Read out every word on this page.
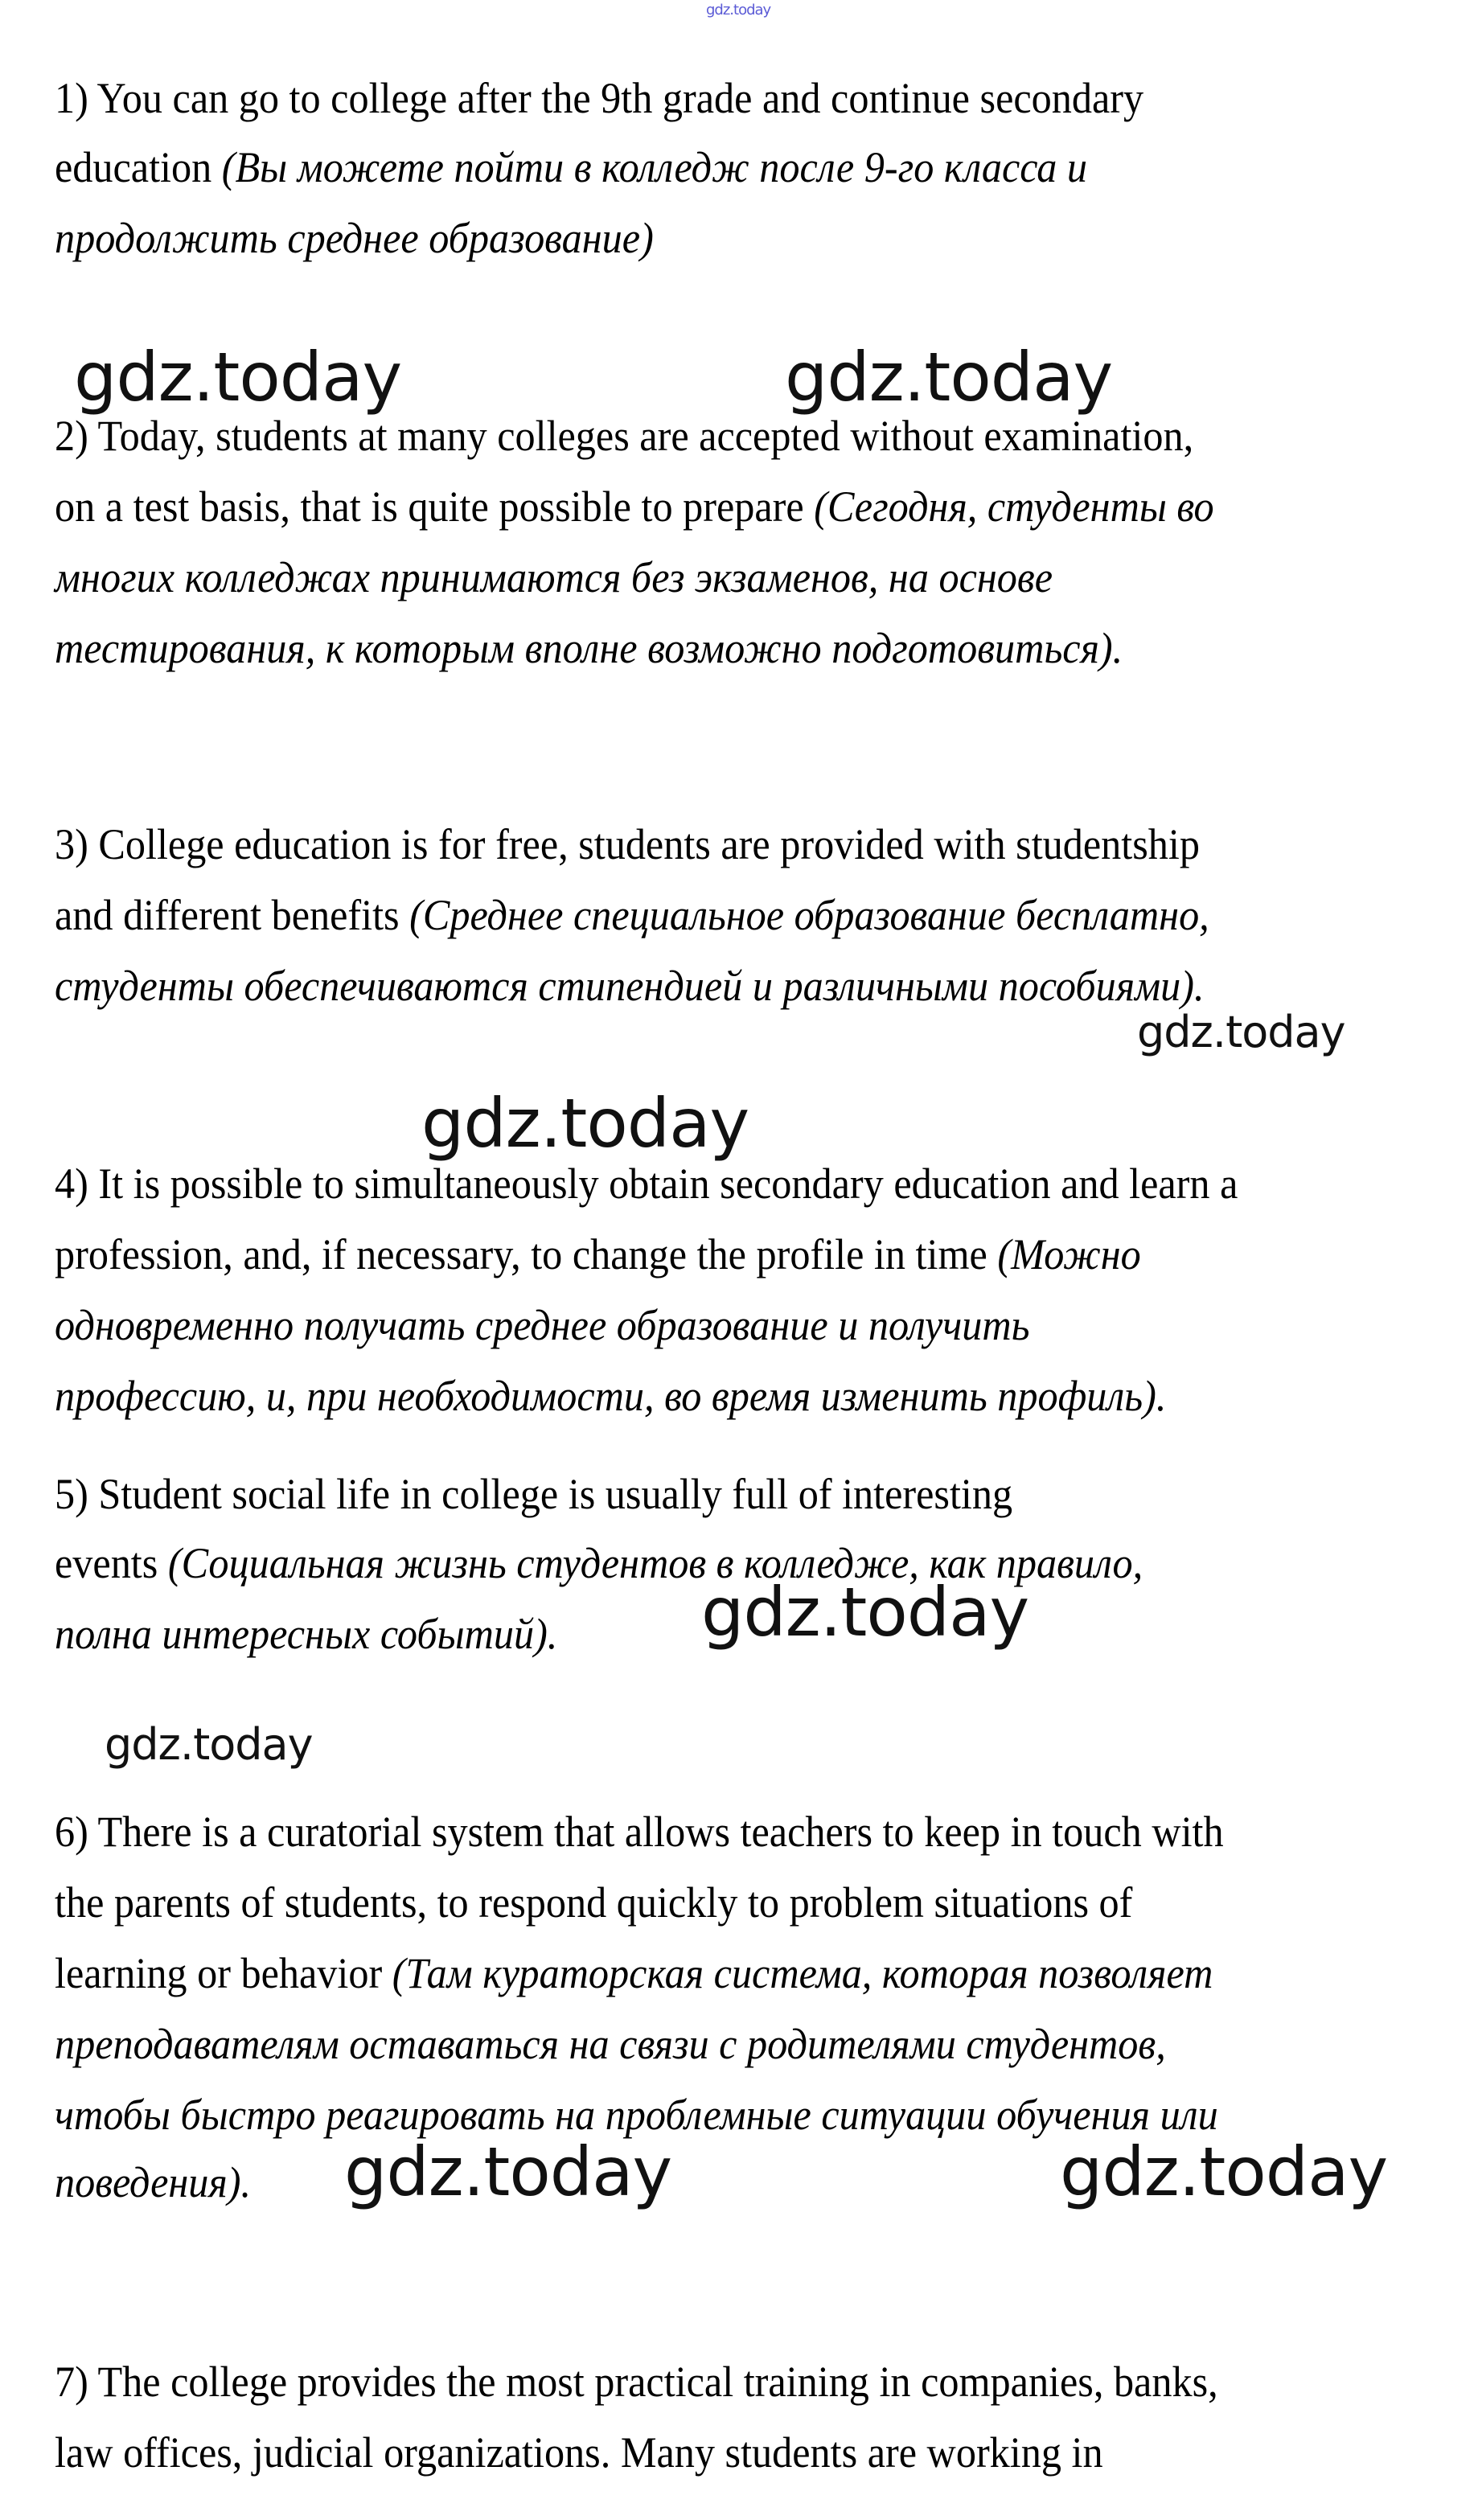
gdz.today
1) You can go to college after the 9th grade and continue secondary
education (Вы можете пойти в колледж после 9-го класса и
продолжить среднее образование)
2) Today, students at many colleges are accepted without examination,
on a test basis, that is quite possible to prepare (Сегодня, студенты во
многих колледжах принимаются без экзаменов, на основе
тестирования, к которым вполне возможно подготовиться).
3) College education is for free, students are provided with studentship
and different benefits (Среднее специальное образование бесплатно,
студенты обеспечиваются стипендией и различными пособиями).
4) It is possible to simultaneously obtain secondary education and learn a
profession, and, if necessary, to change the profile in time (Можно
одновременно получать среднее образование и получить
профессию, и, при необходимости, во время изменить профиль).
5) Student social life in college is usually full of interesting
events (Социальная жизнь студентов в колледже, как правило,
полна интересных событий).
6) There is a curatorial system that allows teachers to keep in touch with
the parents of students, to respond quickly to problem situations of
learning or behavior (Там кураторская система, которая позволяет
преподавателям оставаться на связи с родителями студентов,
чтобы быстро реагировать на проблемные ситуации обучения или
поведения).
7) The college provides the most practical training in companies, banks,
law offices, judicial organizations. Many students are working in
gdz.today	gdz.today
gdz.today
gdz.today
gdz.today
gdz.today
gdz.today	gdz.today
